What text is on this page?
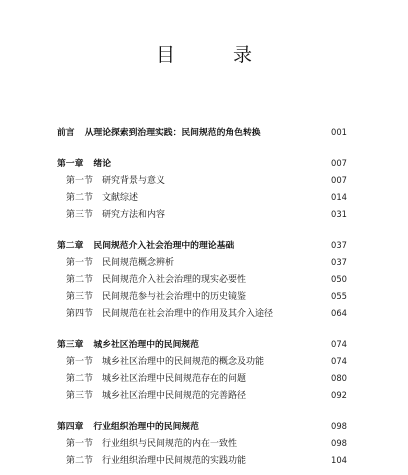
目 录
前言 从理论探索到治理实践：民间规范的角色转换	001
第一章 绪论	007
第一节 研究背景与意义	007
第二节 文献综述	014
第三节 研究方法和内容	031
第二章 民间规范介入社会治理中的理论基础	037
第一节 民间规范概念辨析	037
第二节 民间规范介入社会治理的现实必要性	050
第三节 民间规范参与社会治理中的历史镜鉴	055
第四节 民间规范在社会治理中的作用及其介入途径	064
第三章 城乡社区治理中的民间规范	074
第一节 城乡社区治理中的民间规范的概念及功能	074
第二节 城乡社区治理中民间规范存在的问题	080
第三节 城乡社区治理中民间规范的完善路径	092
第四章 行业组织治理中的民间规范	098
第一节 行业组织与民间规范的内在一致性	098
第二节 行业组织治理中民间规范的实践功能	104
